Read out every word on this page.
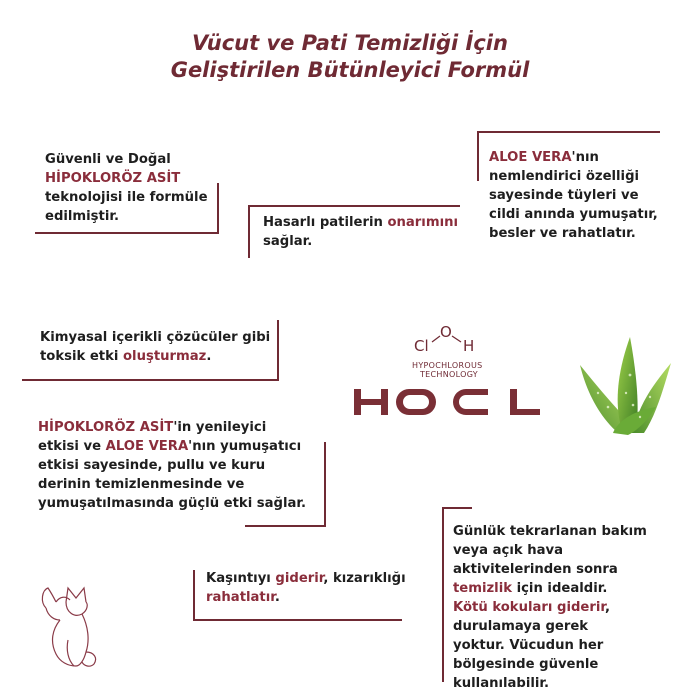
Vücut ve Pati Temizliği İçin
Geliştirilen Bütünleyici Formül
Güvenli ve Doğal
HİPOKLORÖZ ASİT
teknolojisi ile formüle
edilmiştir.	Hasarlı patilerin onarımını
sağlar.
ALOE VERA'nın
nemlendirici özelliği
sayesinde tüyleri ve
cildi anında yumuşatır,
besler ve rahatlatır.
Kimyasal içerikli çözücüler gibi
toksik etki oluşturmaz.
Cl
O
H
HYPOCHLOROUS
TECHNOLOGY
HİPOKLORÖZ ASİT'in yenileyici
etkisi ve ALOE VERA'nın yumuşatıcı
etkisi sayesinde, pullu ve kuru
derinin temizlenmesinde ve
yumuşatılmasında güçlü etki sağlar.
Kaşıntıyı giderir, kızarıklığı
rahatlatır.
Günlük tekrarlanan bakım
veya açık hava
aktivitelerinden sonra
temizlik için idealdir.
Kötü kokuları giderir,
durulamaya gerek
yoktur. Vücudun her
bölgesinde güvenle
kullanılabilir.
